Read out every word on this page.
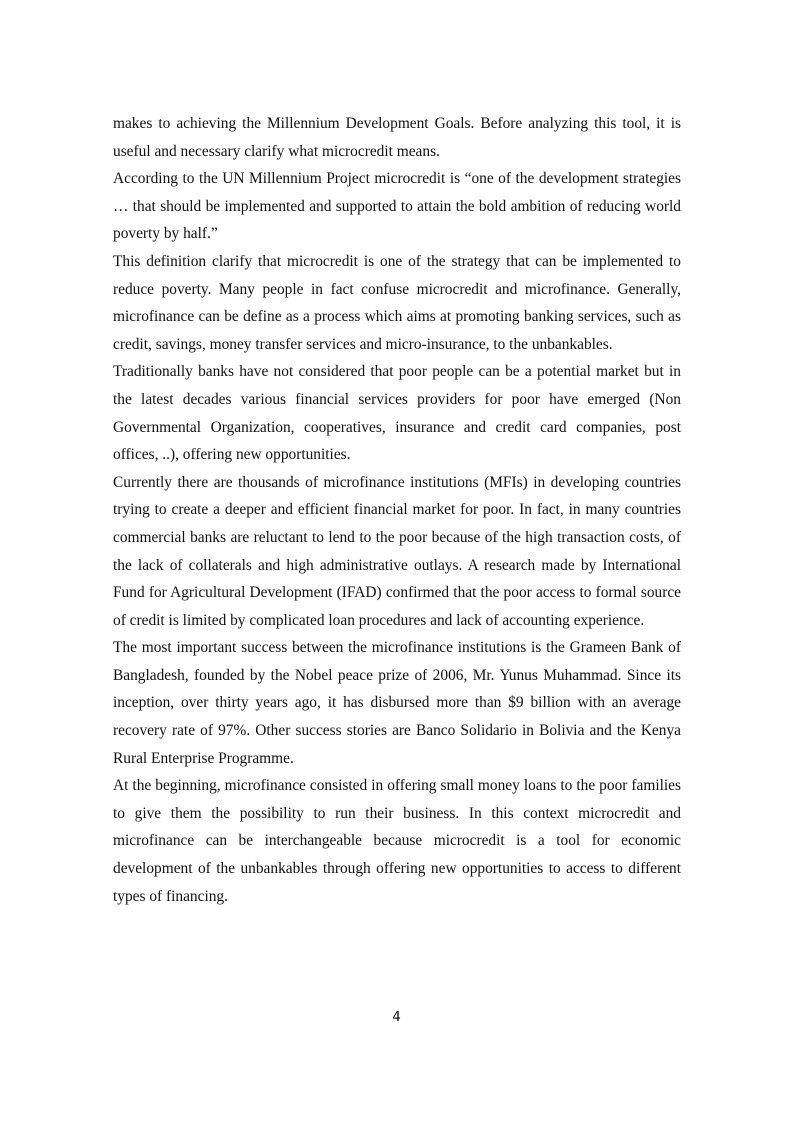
makes to achieving the Millennium Development Goals. Before analyzing this tool, it is useful and necessary clarify what microcredit means.

According to the UN Millennium Project microcredit is “one of the development strategies … that should be implemented and supported to attain the bold ambition of reducing world poverty by half.”

This definition clarify that microcredit is one of the strategy that can be implemented to reduce poverty. Many people in fact confuse microcredit and microfinance. Generally, microfinance can be define as a process which aims at promoting banking services, such as credit, savings, money transfer services and micro-insurance, to the unbankables.

Traditionally banks have not considered that poor people can be a potential market but in the latest decades various financial services providers for poor have emerged (Non Governmental Organization, cooperatives, insurance and credit card companies, post offices, ..), offering new opportunities.

Currently there are thousands of microfinance institutions (MFIs) in developing countries trying to create a deeper and efficient financial market for poor. In fact, in many countries commercial banks are reluctant to lend to the poor because of the high transaction costs, of the lack of collaterals and high administrative outlays. A research made by International Fund for Agricultural Development (IFAD) confirmed that the poor access to formal source of credit is limited by complicated loan procedures and lack of accounting experience.

The most important success between the microfinance institutions is the Grameen Bank of Bangladesh, founded by the Nobel peace prize of 2006, Mr. Yunus Muhammad. Since its inception, over thirty years ago, it has disbursed more than $9 billion with an average recovery rate of 97%. Other success stories are Banco Solidario in Bolivia and the Kenya Rural Enterprise Programme.

At the beginning, microfinance consisted in offering small money loans to the poor families to give them the possibility to run their business. In this context microcredit and microfinance can be interchangeable because microcredit is a tool for economic development of the unbankables through offering new opportunities to access to different types of financing.

4
